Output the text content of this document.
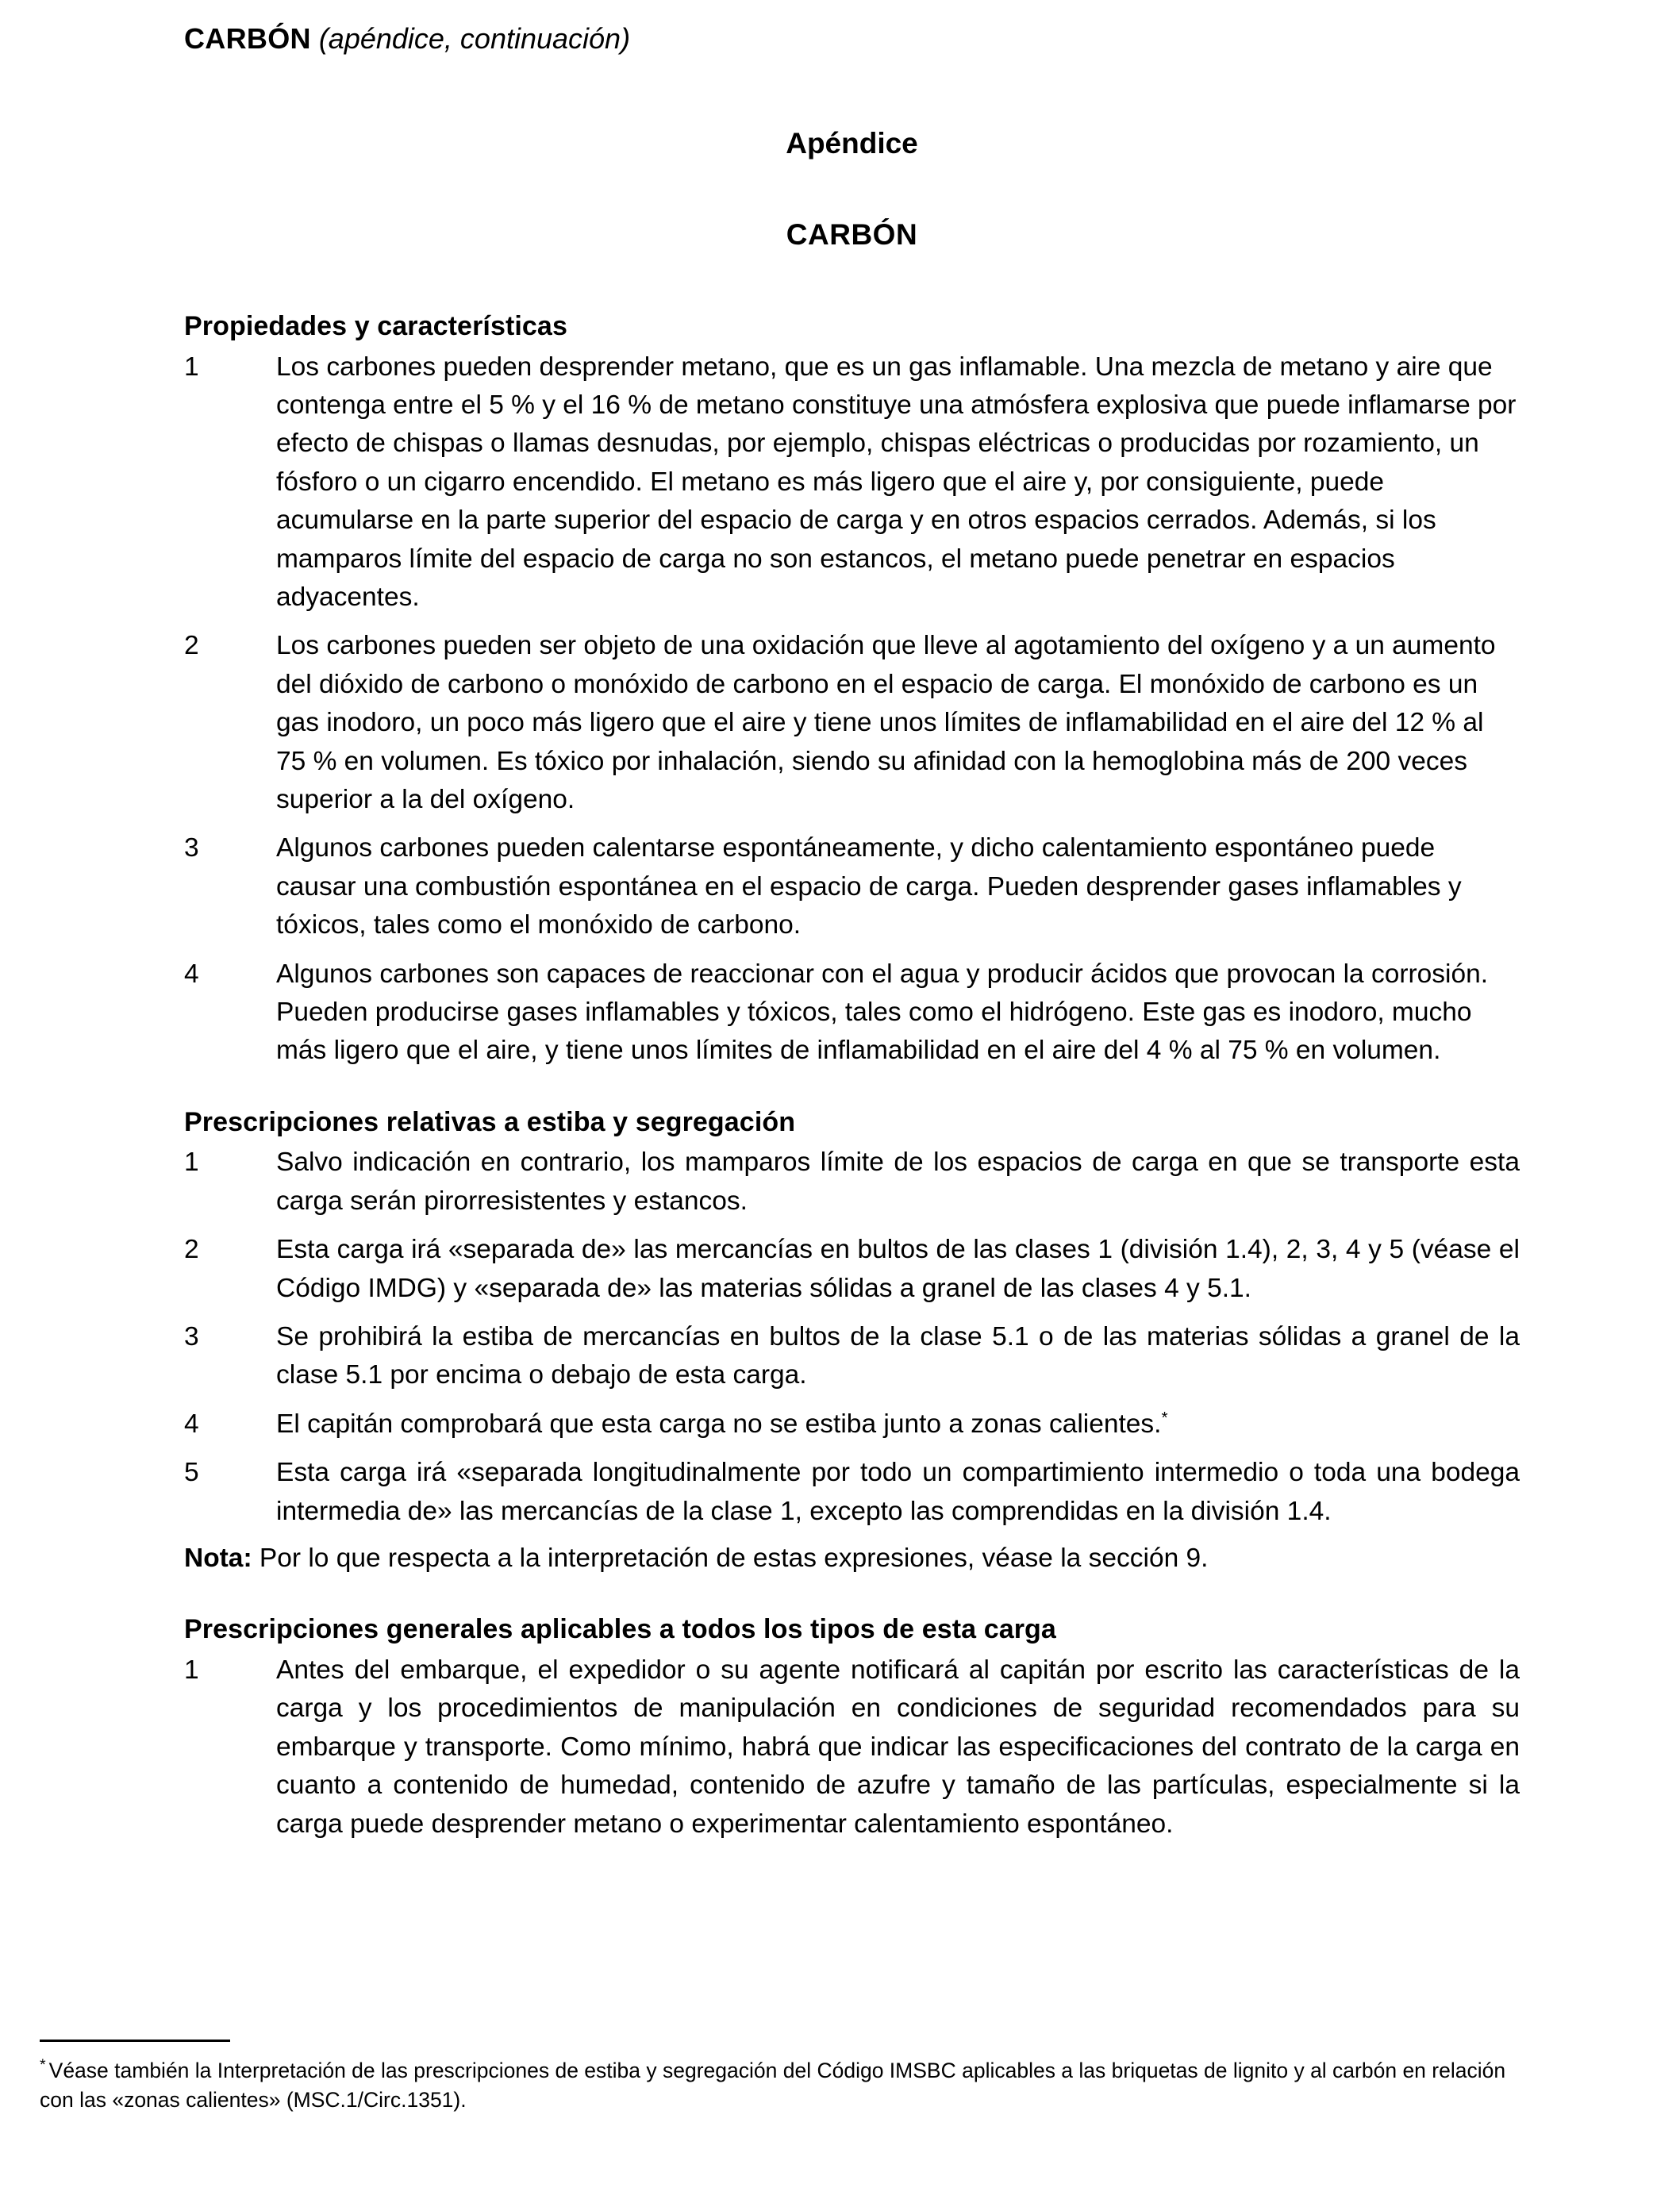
CARBÓN (apéndice, continuación)
Apéndice
CARBÓN
Propiedades y características
1	Los carbones pueden desprender metano, que es un gas inflamable. Una mezcla de metano y aire que contenga entre el 5 % y el 16 % de metano constituye una atmósfera explosiva que puede inflamarse por efecto de chispas o llamas desnudas, por ejemplo, chispas eléctricas o producidas por rozamiento, un fósforo o un cigarro encendido. El metano es más ligero que el aire y, por consiguiente, puede acumularse en la parte superior del espacio de carga y en otros espacios cerrados. Además, si los mamparos límite del espacio de carga no son estancos, el metano puede penetrar en espacios adyacentes.
2	Los carbones pueden ser objeto de una oxidación que lleve al agotamiento del oxígeno y a un aumento del dióxido de carbono o monóxido de carbono en el espacio de carga. El monóxido de carbono es un gas inodoro, un poco más ligero que el aire y tiene unos límites de inflamabilidad en el aire del 12 % al 75 % en volumen. Es tóxico por inhalación, siendo su afinidad con la hemoglobina más de 200 veces superior a la del oxígeno.
3	Algunos carbones pueden calentarse espontáneamente, y dicho calentamiento espontáneo puede causar una combustión espontánea en el espacio de carga. Pueden desprender gases inflamables y tóxicos, tales como el monóxido de carbono.
4	Algunos carbones son capaces de reaccionar con el agua y producir ácidos que provocan la corrosión. Pueden producirse gases inflamables y tóxicos, tales como el hidrógeno. Este gas es inodoro, mucho más ligero que el aire, y tiene unos límites de inflamabilidad en el aire del 4 % al 75 % en volumen.
Prescripciones relativas a estiba y segregación
1	Salvo indicación en contrario, los mamparos límite de los espacios de carga en que se transporte esta carga serán pirorresistentes y estancos.
2	Esta carga irá «separada de» las mercancías en bultos de las clases 1 (división 1.4), 2, 3, 4 y 5 (véase el Código IMDG) y «separada de» las materias sólidas a granel de las clases 4 y 5.1.
3	Se prohibirá la estiba de mercancías en bultos de la clase 5.1 o de las materias sólidas a granel de la clase 5.1 por encima o debajo de esta carga.
4	El capitán comprobará que esta carga no se estiba junto a zonas calientes.*
5	Esta carga irá «separada longitudinalmente por todo un compartimiento intermedio o toda una bodega intermedia de» las mercancías de la clase 1, excepto las comprendidas en la división 1.4.
Nota: Por lo que respecta a la interpretación de estas expresiones, véase la sección 9.
Prescripciones generales aplicables a todos los tipos de esta carga
1	Antes del embarque, el expedidor o su agente notificará al capitán por escrito las características de la carga y los procedimientos de manipulación en condiciones de seguridad recomendados para su embarque y transporte. Como mínimo, habrá que indicar las especificaciones del contrato de la carga en cuanto a contenido de humedad, contenido de azufre y tamaño de las partículas, especialmente si la carga puede desprender metano o experimentar calentamiento espontáneo.
* Véase también la Interpretación de las prescripciones de estiba y segregación del Código IMSBC aplicables a las briquetas de lignito y al carbón en relación con las «zonas calientes» (MSC.1/Circ.1351).
